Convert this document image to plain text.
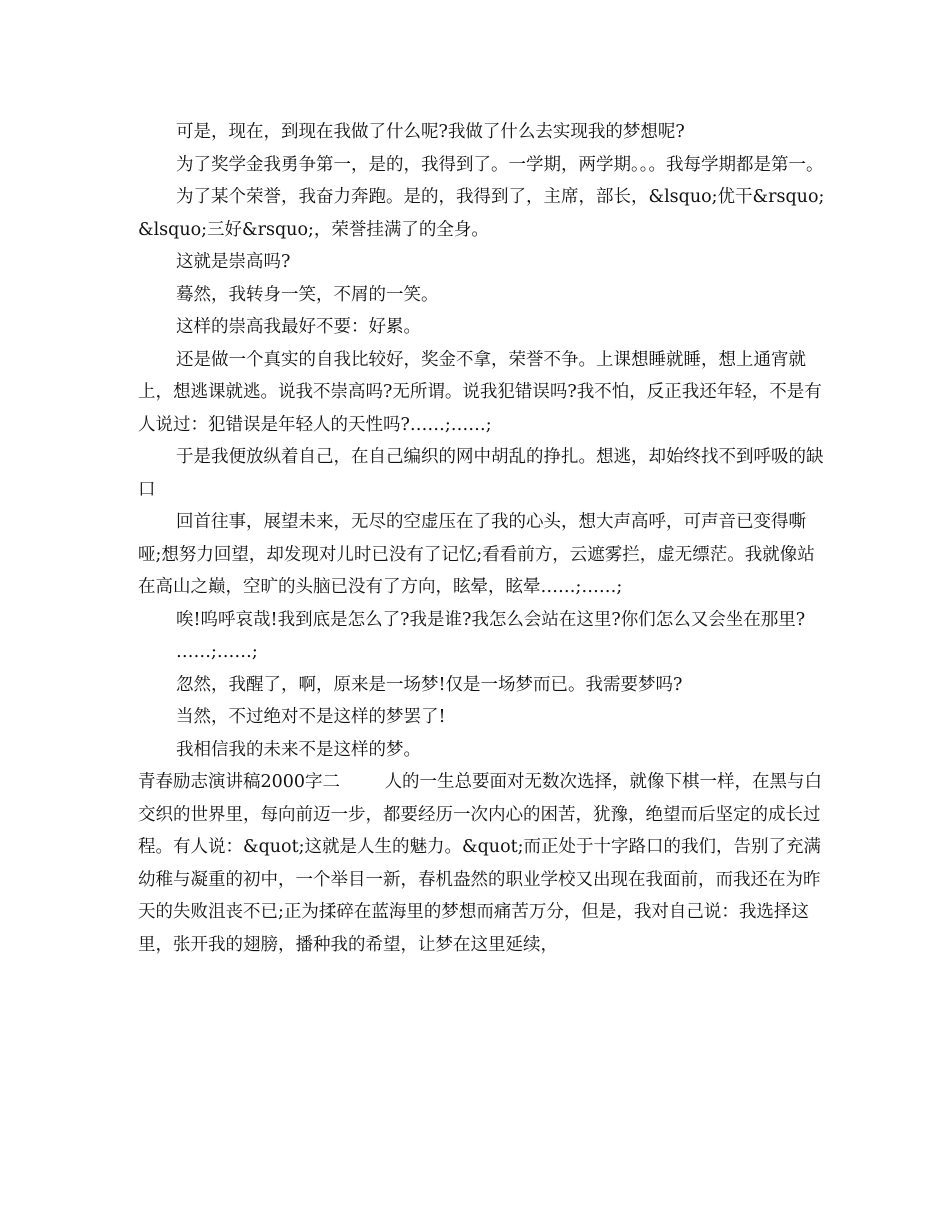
可是，现在，到现在我做了什么呢?我做了什么去实现我的梦想呢?

为了奖学金我勇争第一，是的，我得到了。一学期，两学期。。。我每学期都是第一。

为了某个荣誉，我奋力奔跑。是的，我得到了，主席，部长，&lsquo;优干&rsquo;&lsquo;三好&rsquo;，荣誉挂满了的全身。

这就是崇高吗?

蓦然，我转身一笑，不屑的一笑。

这样的崇高我最好不要：好累。

还是做一个真实的自我比较好，奖金不拿，荣誉不争。上课想睡就睡，想上通宵就上，想逃课就逃。说我不崇高吗?无所谓。说我犯错误吗?我不怕，反正我还年轻，不是有人说过：犯错误是年轻人的天性吗?……;……;

于是我便放纵着自己，在自己编织的网中胡乱的挣扎。想逃，却始终找不到呼吸的缺口

回首往事，展望未来，无尽的空虚压在了我的心头，想大声高呼，可声音已变得嘶哑;想努力回望，却发现对儿时已没有了记忆;看看前方，云遮雾拦，虚无缥茫。我就像站在高山之巅，空旷的头脑已没有了方向，眩晕，眩晕……;……;

唉!呜呼哀哉!我到底是怎么了?我是谁?我怎么会站在这里?你们怎么又会坐在那里?

……;……;

忽然，我醒了，啊，原来是一场梦!仅是一场梦而已。我需要梦吗?

当然，不过绝对不是这样的梦罢了!

我相信我的未来不是这样的梦。

青春励志演讲稿2000字二	人的一生总要面对无数次选择，就像下棋一样，在黑与白交织的世界里，每向前迈一步，都要经历一次内心的困苦，犹豫，绝望而后坚定的成长过程。有人说：&quot;这就是人生的魅力。&quot;而正处于十字路口的我们，告别了充满幼稚与凝重的初中，一个举目一新，春机盎然的职业学校又出现在我面前，而我还在为昨天的失败沮丧不已;正为揉碎在蓝海里的梦想而痛苦万分，但是，我对自己说：我选择这里，张开我的翅膀，播种我的希望，让梦在这里延续，
